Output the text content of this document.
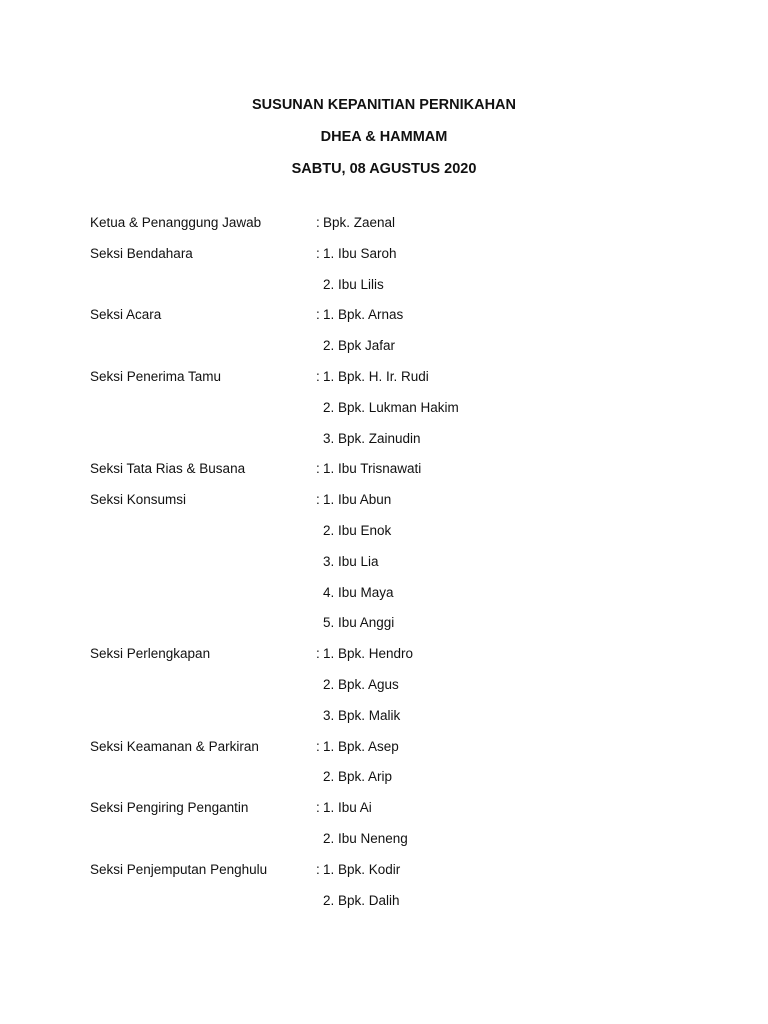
SUSUNAN KEPANITIAN PERNIKAHAN
DHEA & HAMMAM
SABTU, 08 AGUSTUS 2020
Ketua & Penanggung Jawab	: Bpk. Zaenal
Seksi Bendahara	: 1. Ibu Saroh
2. Ibu Lilis
Seksi Acara	: 1. Bpk. Arnas
2. Bpk Jafar
Seksi Penerima Tamu	: 1. Bpk. H. Ir. Rudi
2. Bpk. Lukman Hakim
3. Bpk. Zainudin
Seksi Tata Rias & Busana	: 1. Ibu Trisnawati
Seksi Konsumsi	: 1. Ibu Abun
2. Ibu Enok
3. Ibu Lia
4. Ibu Maya
5. Ibu Anggi
Seksi Perlengkapan	: 1. Bpk. Hendro
2. Bpk. Agus
3. Bpk. Malik
Seksi Keamanan & Parkiran	: 1. Bpk. Asep
2. Bpk. Arip
Seksi Pengiring Pengantin	: 1. Ibu Ai
2. Ibu Neneng
Seksi Penjemputan Penghulu	: 1. Bpk. Kodir
2. Bpk. Dalih
